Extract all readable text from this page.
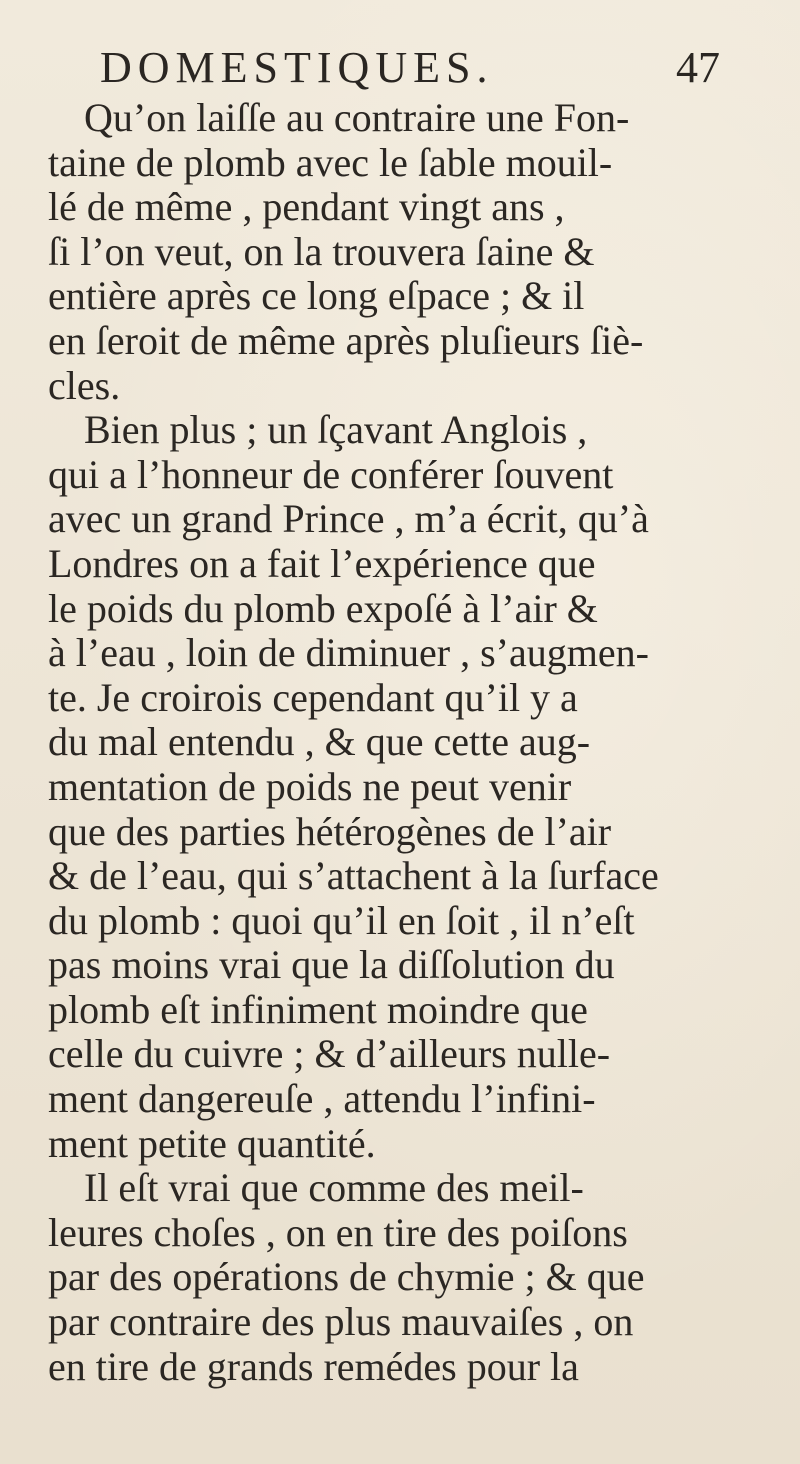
DOMESTIQUES.	47
Qu’on laiſſe au contraire une Fon-
taine de plomb avec le ſable mouil-
lé de même , pendant vingt ans ,
ſi l’on veut, on la trouvera ſaine &
entière après ce long eſpace ; & il
en ſeroit de même après pluſieurs ſiè-
cles.
Bien plus ; un ſçavant Anglois ,
qui a l’honneur de conférer ſouvent
avec un grand Prince , m’a écrit, qu’à
Londres on a fait l’expérience que
le poids du plomb expoſé à l’air &
à l’eau , loin de diminuer , s’augmen-
te. Je croirois cependant qu’il y a
du mal entendu , & que cette aug-
mentation de poids ne peut venir
que des parties hétérogènes de l’air
& de l’eau, qui s’attachent à la ſurface
du plomb : quoi qu’il en ſoit , il n’eſt
pas moins vrai que la diſſolution du
plomb eſt infiniment moindre que
celle du cuivre ; & d’ailleurs nulle-
ment dangereuſe , attendu l’infini-
ment petite quantité.
Il eſt vrai que comme des meil-
leures choſes , on en tire des poiſons
par des opérations de chymie ; & que
par contraire des plus mauvaiſes , on
en tire de grands remédes pour la
